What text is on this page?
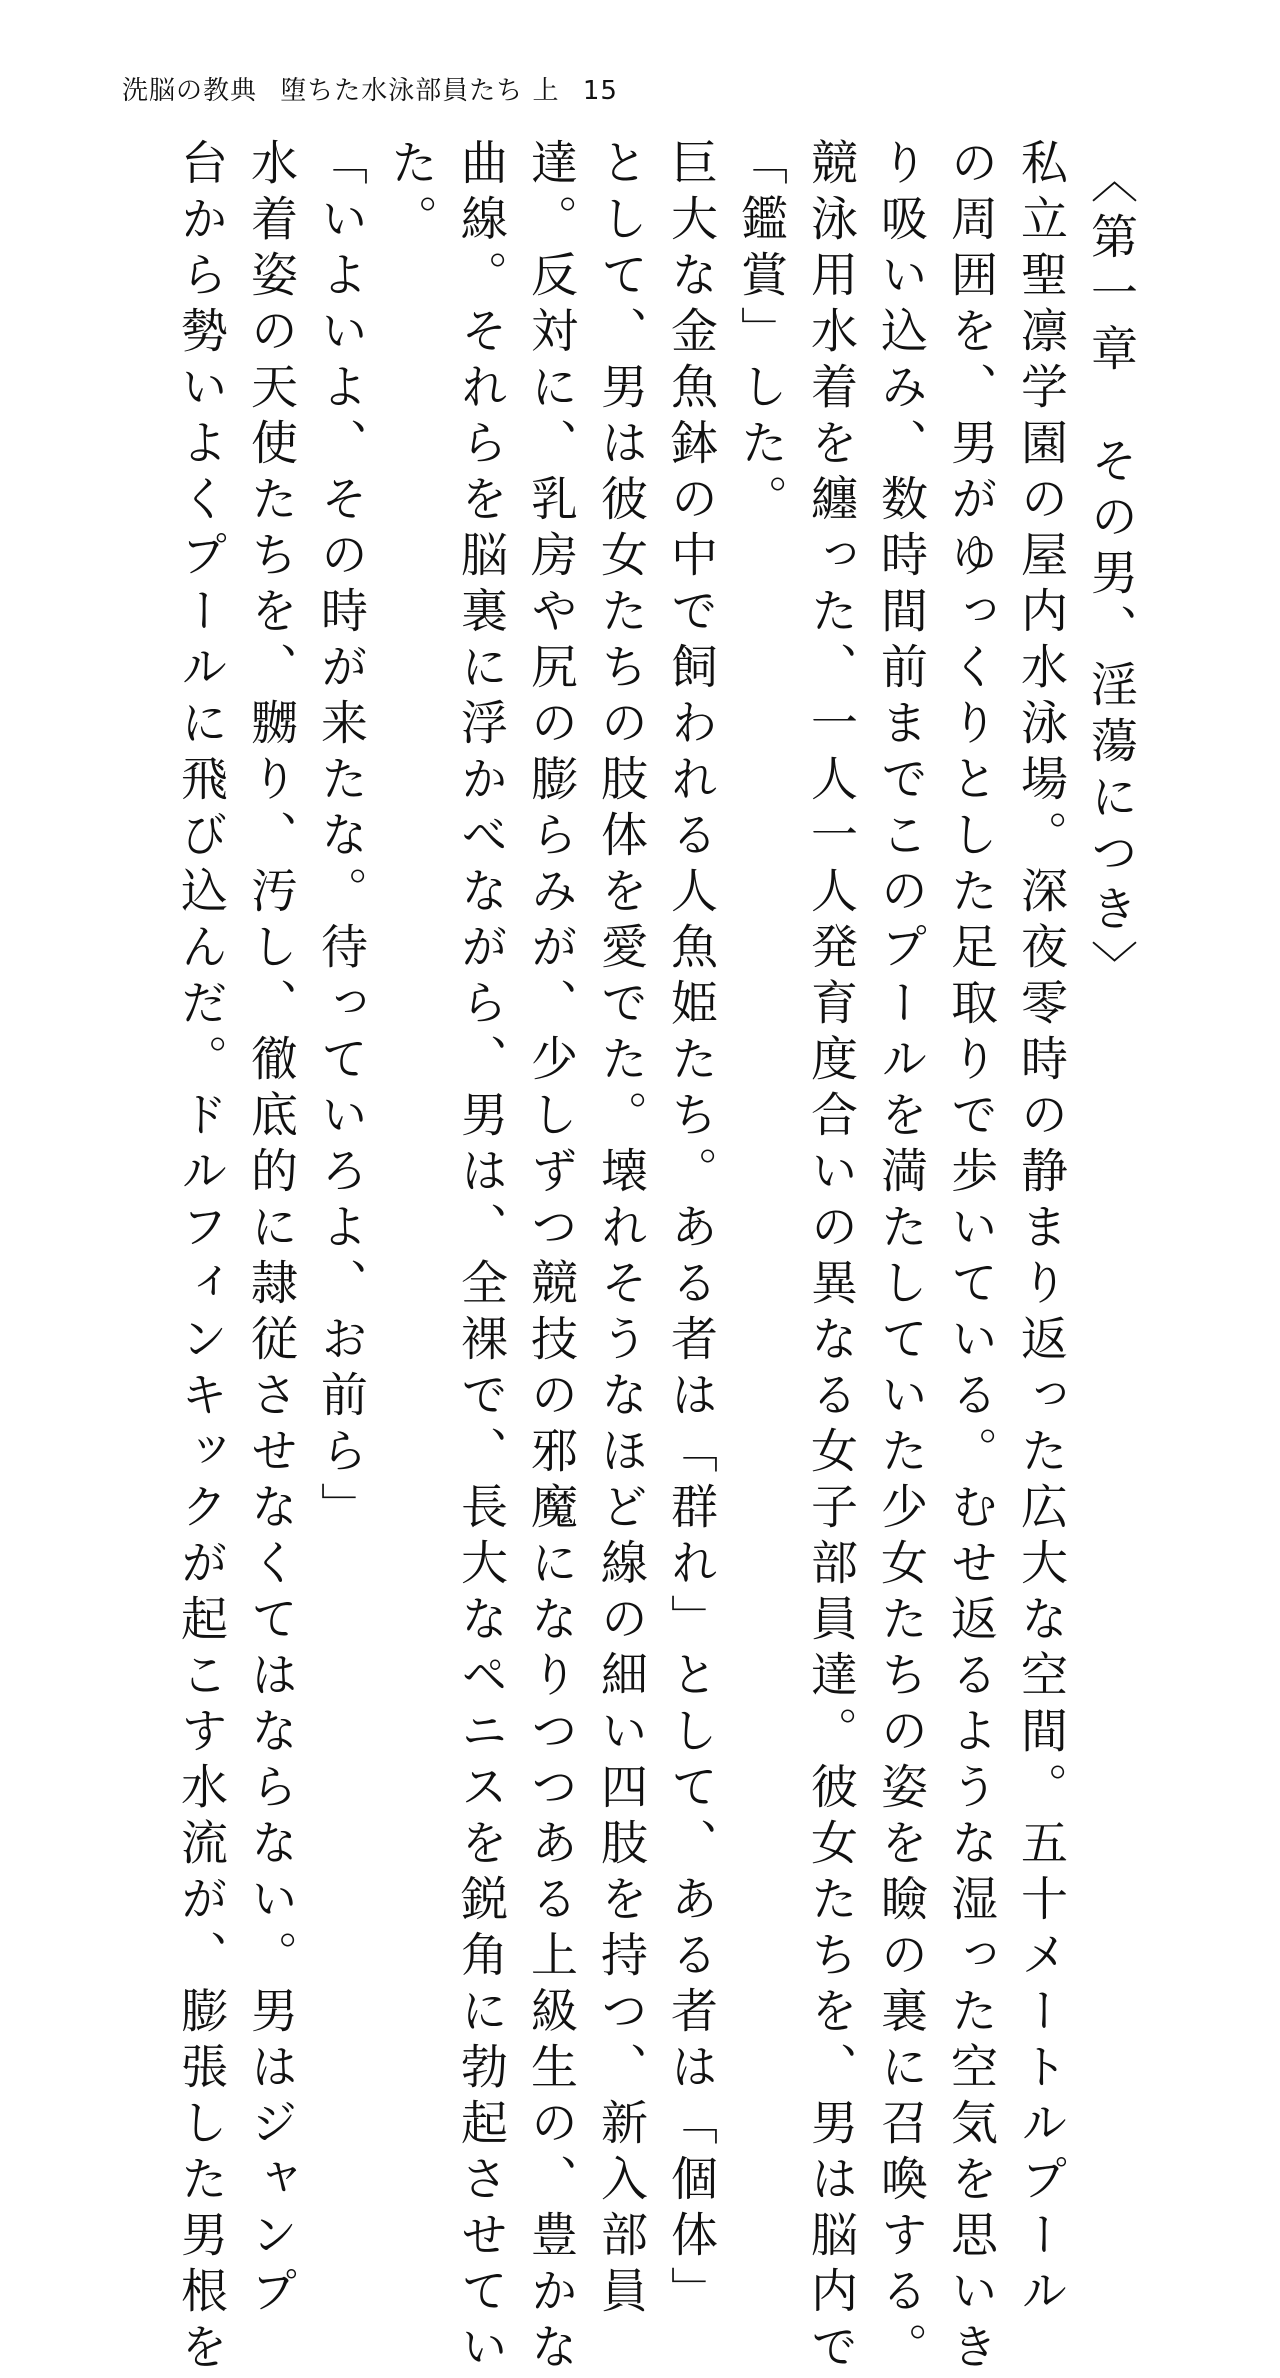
洗脳の教典 堕ちた水泳部員たち 上 15
〈第一章　その男、淫蕩につき〉
私立聖凛学園の屋内水泳場。深夜零時の静まり返った広大な空間。五十メートルプール
の周囲を、男がゆっくりとした足取りで歩いている。むせ返るような湿った空気を思いき
り吸い込み、数時間前までこのプールを満たしていた少女たちの姿を瞼の裏に召喚する。
競泳用水着を纏った、一人一人発育度合いの異なる女子部員達。彼女たちを、男は脳内で
「鑑賞」した。
巨大な金魚鉢の中で飼われる人魚姫たち。ある者は「群れ」として、ある者は「個体」
として、男は彼女たちの肢体を愛でた。壊れそうなほど線の細い四肢を持つ、新入部員
達。反対に、乳房や尻の膨らみが、少しずつ競技の邪魔になりつつある上級生の、豊かな
曲線。それらを脳裏に浮かべながら、男は、全裸で、長大なペニスを鋭角に勃起させてい
た。
「いよいよ、その時が来たな。待っていろよ、お前ら」
水着姿の天使たちを、嬲り、汚し、徹底的に隷従させなくてはならない。男はジャンプ
台から勢いよくプールに飛び込んだ。ドルフィンキックが起こす水流が、膨張した男根を
